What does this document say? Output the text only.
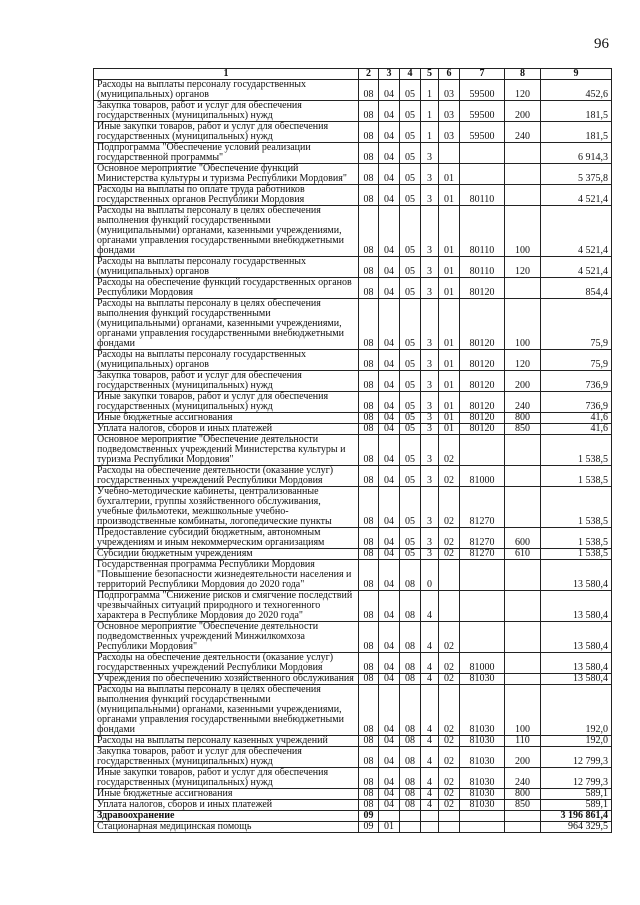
96
1	2	3	4	5	6	7	8	9
Расходы на выплаты персоналу государственных (муниципальных) органов	08	04	05	1	03	59500	120	452,6
Закупка товаров, работ и услуг для обеспечения государственных (муниципальных) нужд	08	04	05	1	03	59500	200	181,5
Иные закупки товаров, работ и услуг для обеспечения государственных (муниципальных) нужд	08	04	05	1	03	59500	240	181,5
Подпрограмма "Обеспечение условий реализации государственной программы"	08	04	05	3				6 914,3
Основное мероприятие "Обеспечение функций Министерства культуры и туризма Республики Мордовия"	08	04	05	3	01			5 375,8
Расходы на выплаты по оплате труда работников государственных органов Республики Мордовия	08	04	05	3	01	80110		4 521,4
Расходы на выплаты персоналу в целях обеспечения выполнения функций государственными (муниципальными) органами, казенными учреждениями, органами управления государственными внебюджетными фондами	08	04	05	3	01	80110	100	4 521,4
Расходы на выплаты персоналу государственных (муниципальных) органов	08	04	05	3	01	80110	120	4 521,4
Расходы на обеспечение функций государственных органов Республики Мордовия	08	04	05	3	01	80120		854,4
Расходы на выплаты персоналу в целях обеспечения выполнения функций государственными (муниципальными) органами, казенными учреждениями, органами управления государственными внебюджетными фондами	08	04	05	3	01	80120	100	75,9
Расходы на выплаты персоналу государственных (муниципальных) органов	08	04	05	3	01	80120	120	75,9
Закупка товаров, работ и услуг для обеспечения государственных (муниципальных) нужд	08	04	05	3	01	80120	200	736,9
Иные закупки товаров, работ и услуг для обеспечения государственных (муниципальных) нужд	08	04	05	3	01	80120	240	736,9
Иные бюджетные ассигнования	08	04	05	3	01	80120	800	41,6
Уплата налогов, сборов и иных платежей	08	04	05	3	01	80120	850	41,6
Основное мероприятие "Обеспечение деятельности подведомственных учреждений Министерства культуры и туризма Республики Мордовия"	08	04	05	3	02			1 538,5
Расходы на обеспечение деятельности (оказание услуг) государственных учреждений Республики Мордовия	08	04	05	3	02	81000		1 538,5
Учебно-методические кабинеты, централизованные бухгалтерии, группы хозяйственного обслуживания, учебные фильмотеки, межшкольные учебно-производственные комбинаты, логопедические пункты	08	04	05	3	02	81270		1 538,5
Предоставление субсидий бюджетным, автономным учреждениям и иным некоммерческим организациям	08	04	05	3	02	81270	600	1 538,5
Субсидии бюджетным учреждениям	08	04	05	3	02	81270	610	1 538,5
Государственная программа Республики Мордовия "Повышение безопасности жизнедеятельности населения и территорий Республики Мордовия до 2020 года"	08	04	08	0				13 580,4
Подпрограмма "Снижение рисков и смягчение последствий чрезвычайных ситуаций природного и техногенного характера в Республике Мордовия до 2020 года"	08	04	08	4				13 580,4
Основное мероприятие "Обеспечение деятельности подведомственных учреждений Минжилкомхоза Республики Мордовия"	08	04	08	4	02			13 580,4
Расходы на обеспечение деятельности (оказание услуг) государственных учреждений Республики Мордовия	08	04	08	4	02	81000		13 580,4
Учреждения по обеспечению хозяйственного обслуживания	08	04	08	4	02	81030		13 580,4
Расходы на выплаты персоналу в целях обеспечения выполнения функций государственными (муниципальными) органами, казенными учреждениями, органами управления государственными внебюджетными фондами	08	04	08	4	02	81030	100	192,0
Расходы на выплаты персоналу казенных учреждений	08	04	08	4	02	81030	110	192,0
Закупка товаров, работ и услуг для обеспечения государственных (муниципальных) нужд	08	04	08	4	02	81030	200	12 799,3
Иные закупки товаров, работ и услуг для обеспечения государственных (муниципальных) нужд	08	04	08	4	02	81030	240	12 799,3
Иные бюджетные ассигнования	08	04	08	4	02	81030	800	589,1
Уплата налогов, сборов и иных платежей	08	04	08	4	02	81030	850	589,1
Здравоохранение	09							3 196 861,4
Стационарная медицинская помощь	09	01						964 329,5
